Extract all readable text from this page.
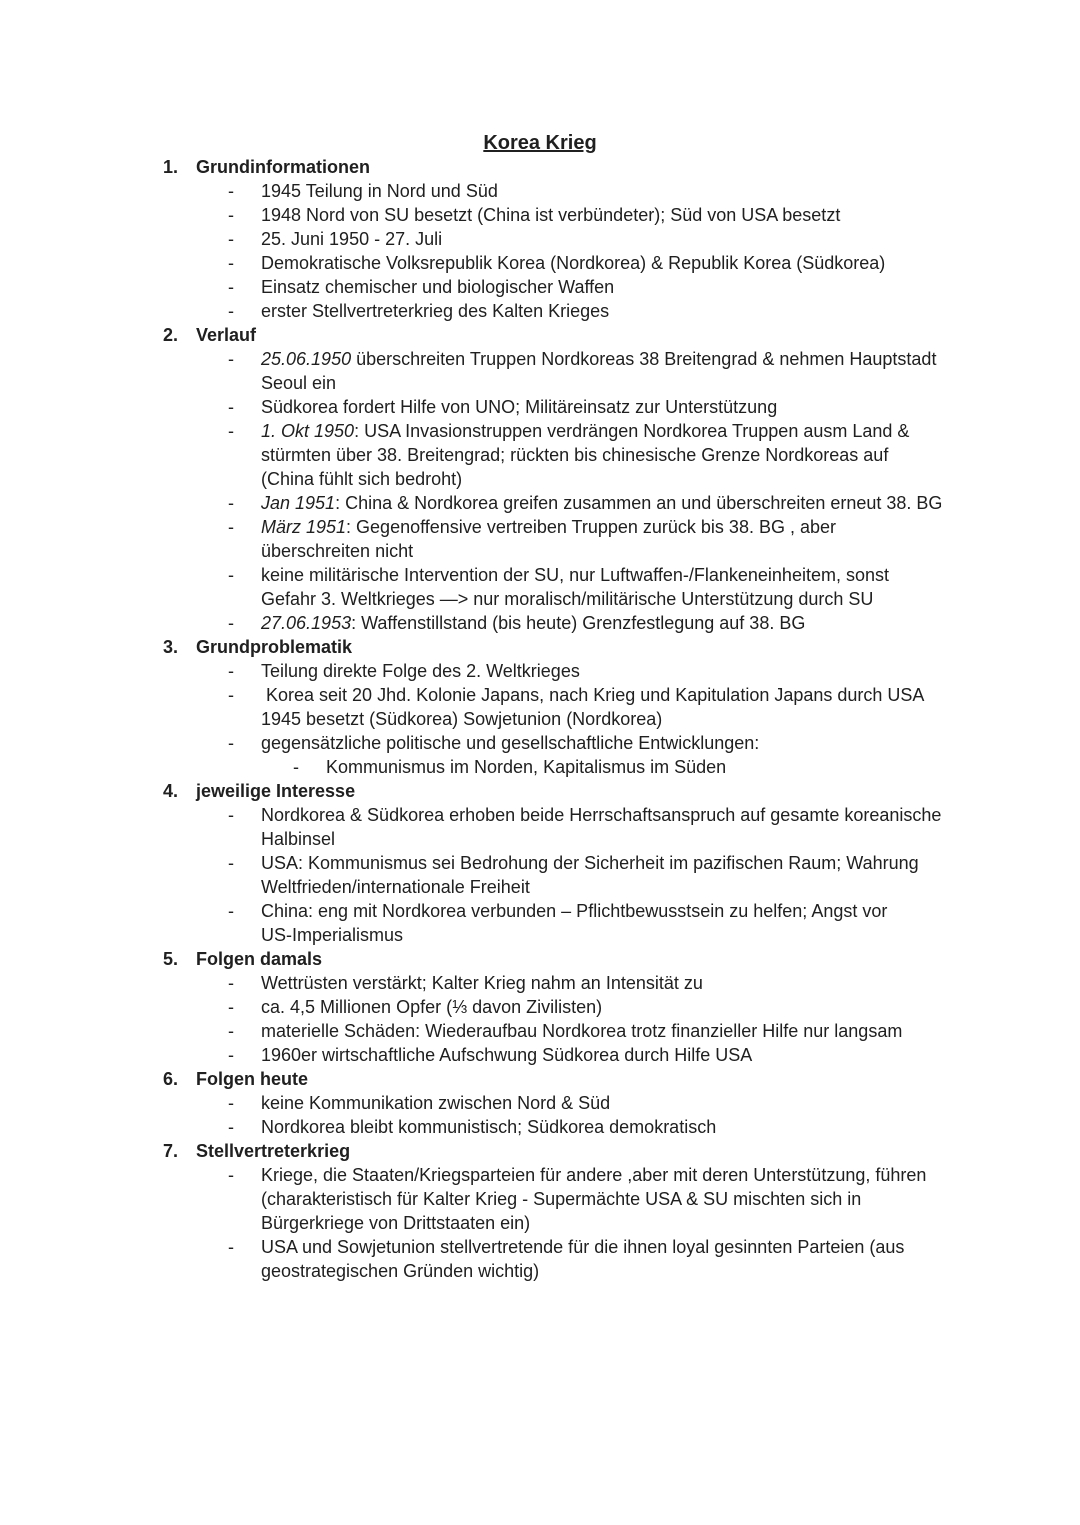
Korea Krieg
1. Grundinformationen
- 1945 Teilung in Nord und Süd
- 1948 Nord von SU besetzt (China ist verbündeter); Süd von USA besetzt
- 25. Juni 1950 - 27. Juli
- Demokratische Volksrepublik Korea (Nordkorea) & Republik Korea (Südkorea)
- Einsatz chemischer und biologischer Waffen
- erster Stellvertreterkrieg des Kalten Krieges
2. Verlauf
- 25.06.1950 überschreiten Truppen Nordkoreas 38 Breitengrad & nehmen Hauptstadt
Seoul ein
- Südkorea fordert Hilfe von UNO; Militäreinsatz zur Unterstützung
- 1. Okt 1950: USA Invasionstruppen verdrängen Nordkorea Truppen ausm Land &
stürmten über 38. Breitengrad; rückten bis chinesische Grenze Nordkoreas auf
(China fühlt sich bedroht)
- Jan 1951: China & Nordkorea greifen zusammen an und überschreiten erneut 38. BG
- März 1951: Gegenoffensive vertreiben Truppen zurück bis 38. BG , aber
überschreiten nicht
- keine militärische Intervention der SU, nur Luftwaffen-/Flankeneinheitem, sonst
Gefahr 3. Weltkrieges —> nur moralisch/militärische Unterstützung durch SU
- 27.06.1953: Waffenstillstand (bis heute) Grenzfestlegung auf 38. BG
3. Grundproblematik
- Teilung direkte Folge des 2. Weltkrieges
- Korea seit 20 Jhd. Kolonie Japans, nach Krieg und Kapitulation Japans durch USA
1945 besetzt (Südkorea) Sowjetunion (Nordkorea)
- gegensätzliche politische und gesellschaftliche Entwicklungen:
- Kommunismus im Norden, Kapitalismus im Süden
4. jeweilige Interesse
- Nordkorea & Südkorea erhoben beide Herrschaftsanspruch auf gesamte koreanische
Halbinsel
- USA: Kommunismus sei Bedrohung der Sicherheit im pazifischen Raum; Wahrung
Weltfrieden/internationale Freiheit
- China: eng mit Nordkorea verbunden – Pflichtbewusstsein zu helfen; Angst vor
US-Imperialismus
5. Folgen damals
- Wettrüsten verstärkt; Kalter Krieg nahm an Intensität zu
- ca. 4,5 Millionen Opfer (⅓ davon Zivilisten)
- materielle Schäden: Wiederaufbau Nordkorea trotz finanzieller Hilfe nur langsam
- 1960er wirtschaftliche Aufschwung Südkorea durch Hilfe USA
6. Folgen heute
- keine Kommunikation zwischen Nord & Süd
- Nordkorea bleibt kommunistisch; Südkorea demokratisch
7. Stellvertreterkrieg
- Kriege, die Staaten/Kriegsparteien für andere ,aber mit deren Unterstützung, führen
(charakteristisch für Kalter Krieg - Supermächte USA & SU mischten sich in
Bürgerkriege von Drittstaaten ein)
- USA und Sowjetunion stellvertretende für die ihnen loyal gesinnten Parteien (aus
geostrategischen Gründen wichtig)
